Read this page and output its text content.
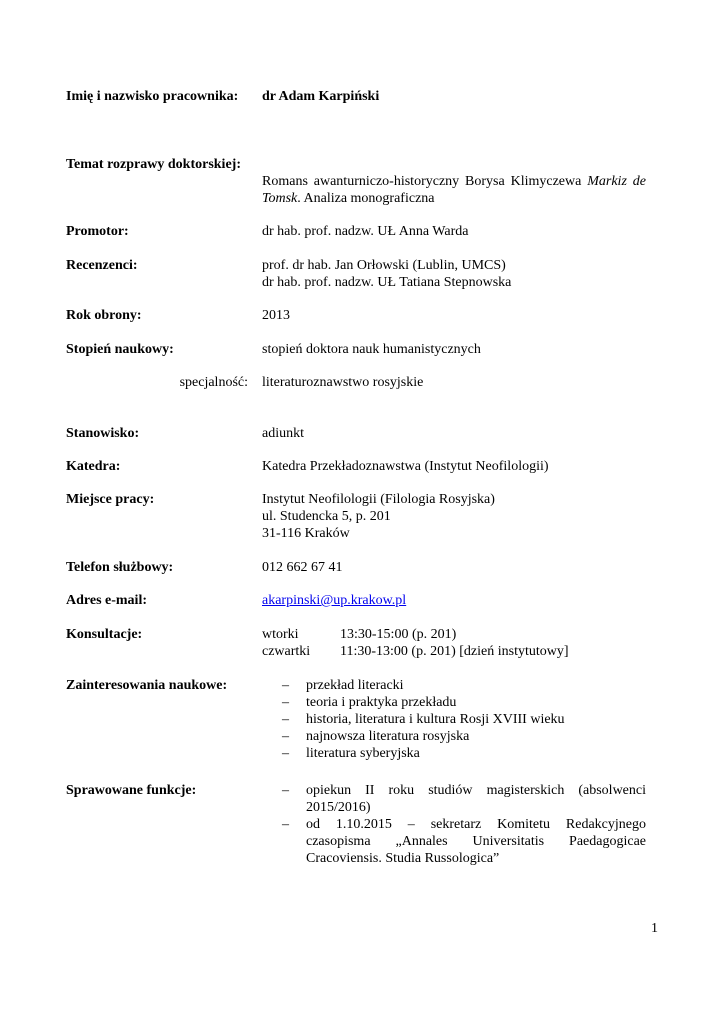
Imię i nazwisko pracownika: dr Adam Karpiński
Temat rozprawy doktorskiej:
Romans awanturniczo-historyczny Borysa Klimyczewa Markiz de Tomsk. Analiza monograficzna
Promotor:	dr hab. prof. nadzw. UŁ Anna Warda
Recenzenci:	prof. dr hab. Jan Orłowski (Lublin, UMCS)
dr hab. prof. nadzw. UŁ Tatiana Stepnowska
Rok obrony:	2013
Stopień naukowy:	stopień doktora nauk humanistycznych
specjalność: literaturoznawstwo rosyjskie
Stanowisko:	adiunkt
Katedra:	Katedra Przekładoznawstwa (Instytut Neofilologii)
Miejsce pracy:	Instytut Neofilologii (Filologia Rosyjska)
ul. Studencka 5, p. 201
31-116 Kraków
Telefon służbowy:	012 662 67 41
Adres e-mail:	akarpinski@up.krakow.pl
Konsultacje:	wtorki	13:30-15:00 (p. 201)
czwartki	11:30-13:00 (p. 201) [dzień instytutowy]
Zainteresowania naukowe:	– przekład literacki
– teoria i praktyka przekładu
– historia, literatura i kultura Rosji XVIII wieku
– najnowsza literatura rosyjska
– literatura syberyjska
Sprawowane funkcje:	– opiekun II roku studiów magisterskich (absolwenci 2015/2016)
– od 1.10.2015 – sekretarz Komitetu Redakcyjnego czasopisma „Annales Universitatis Paedagogicae Cracoviensis. Studia Russologica”
1
